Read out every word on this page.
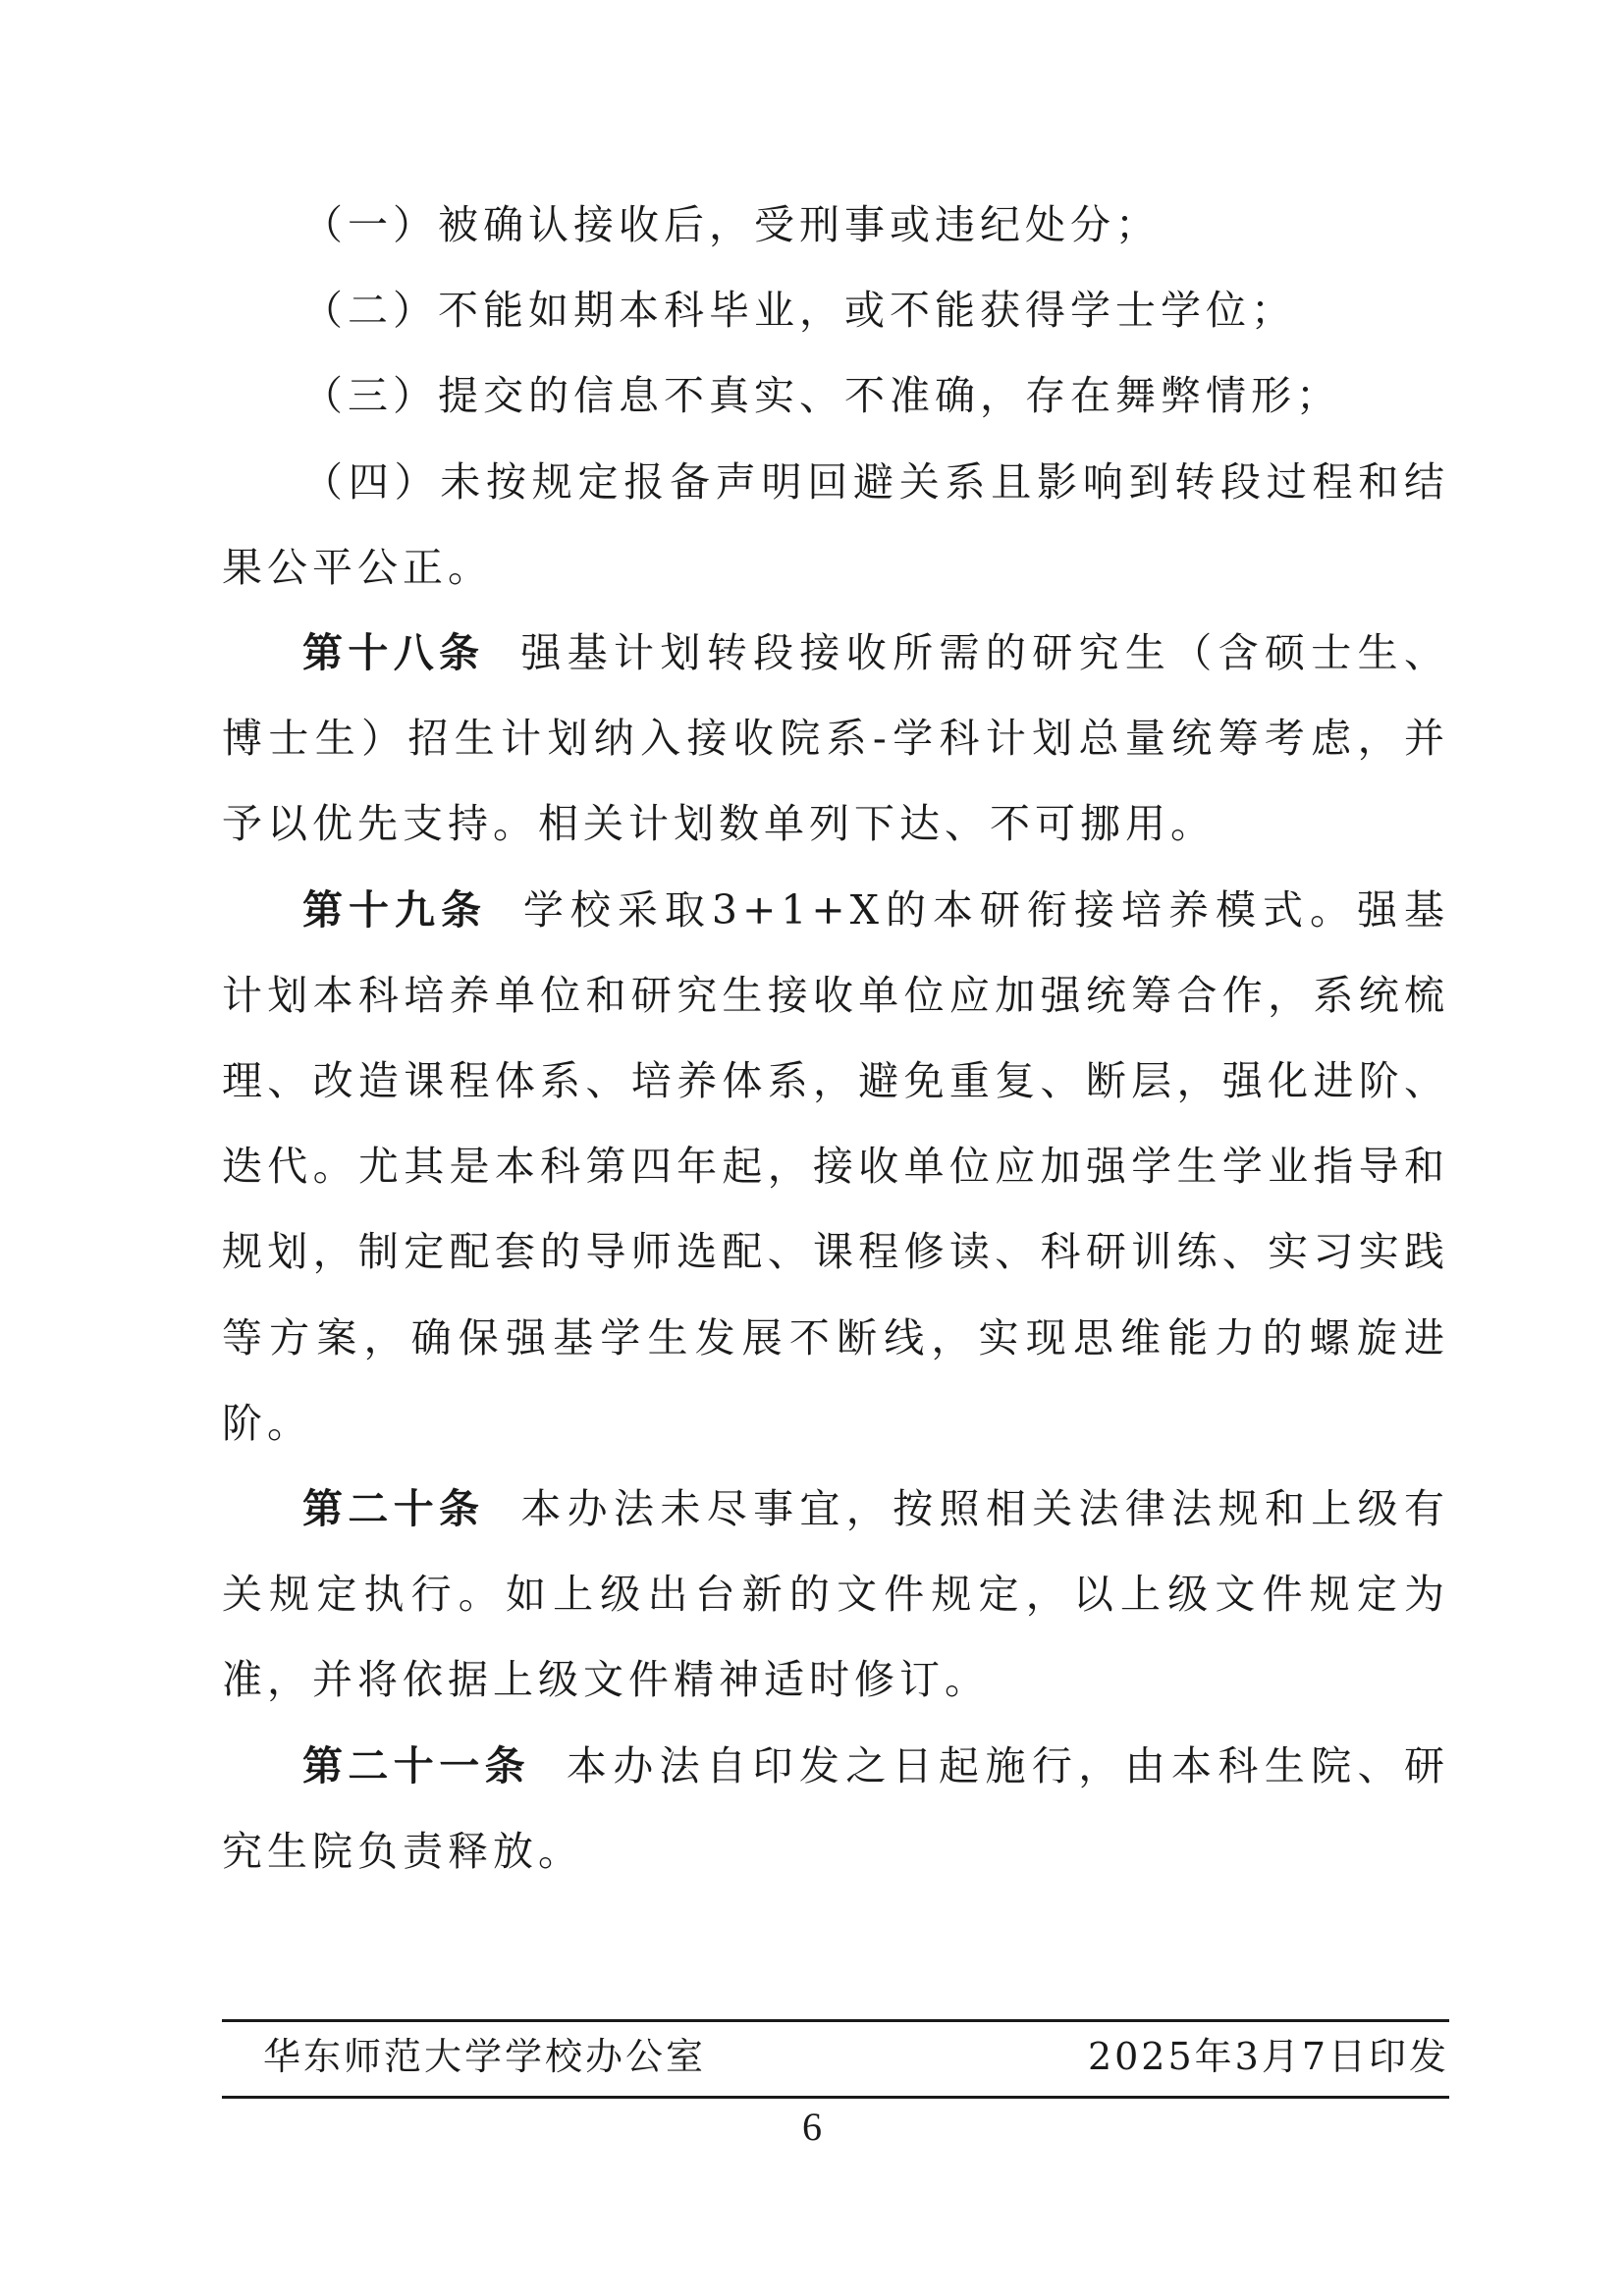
（一）被确认接收后，受刑事或违纪处分；

（二）不能如期本科毕业，或不能获得学士学位；

（三）提交的信息不真实、不准确，存在舞弊情形；

（四）未按规定报备声明回避关系且影响到转段过程和结果公平公正。

第十八条 强基计划转段接收所需的研究生（含硕士生、博士生）招生计划纳入接收院系-学科计划总量统筹考虑，并予以优先支持。相关计划数单列下达、不可挪用。

第十九条 学校采取3+1+X的本研衔接培养模式。强基计划本科培养单位和研究生接收单位应加强统筹合作，系统梳理、改造课程体系、培养体系，避免重复、断层，强化进阶、迭代。尤其是本科第四年起，接收单位应加强学生学业指导和规划，制定配套的导师选配、课程修读、科研训练、实习实践等方案，确保强基学生发展不断线，实现思维能力的螺旋进阶。

第二十条 本办法未尽事宜，按照相关法律法规和上级有关规定执行。如上级出台新的文件规定，以上级文件规定为准，并将依据上级文件精神适时修订。

第二十一条 本办法自印发之日起施行，由本科生院、研究生院负责释放。

华东师范大学学校办公室	2025年3月7日印发
6
